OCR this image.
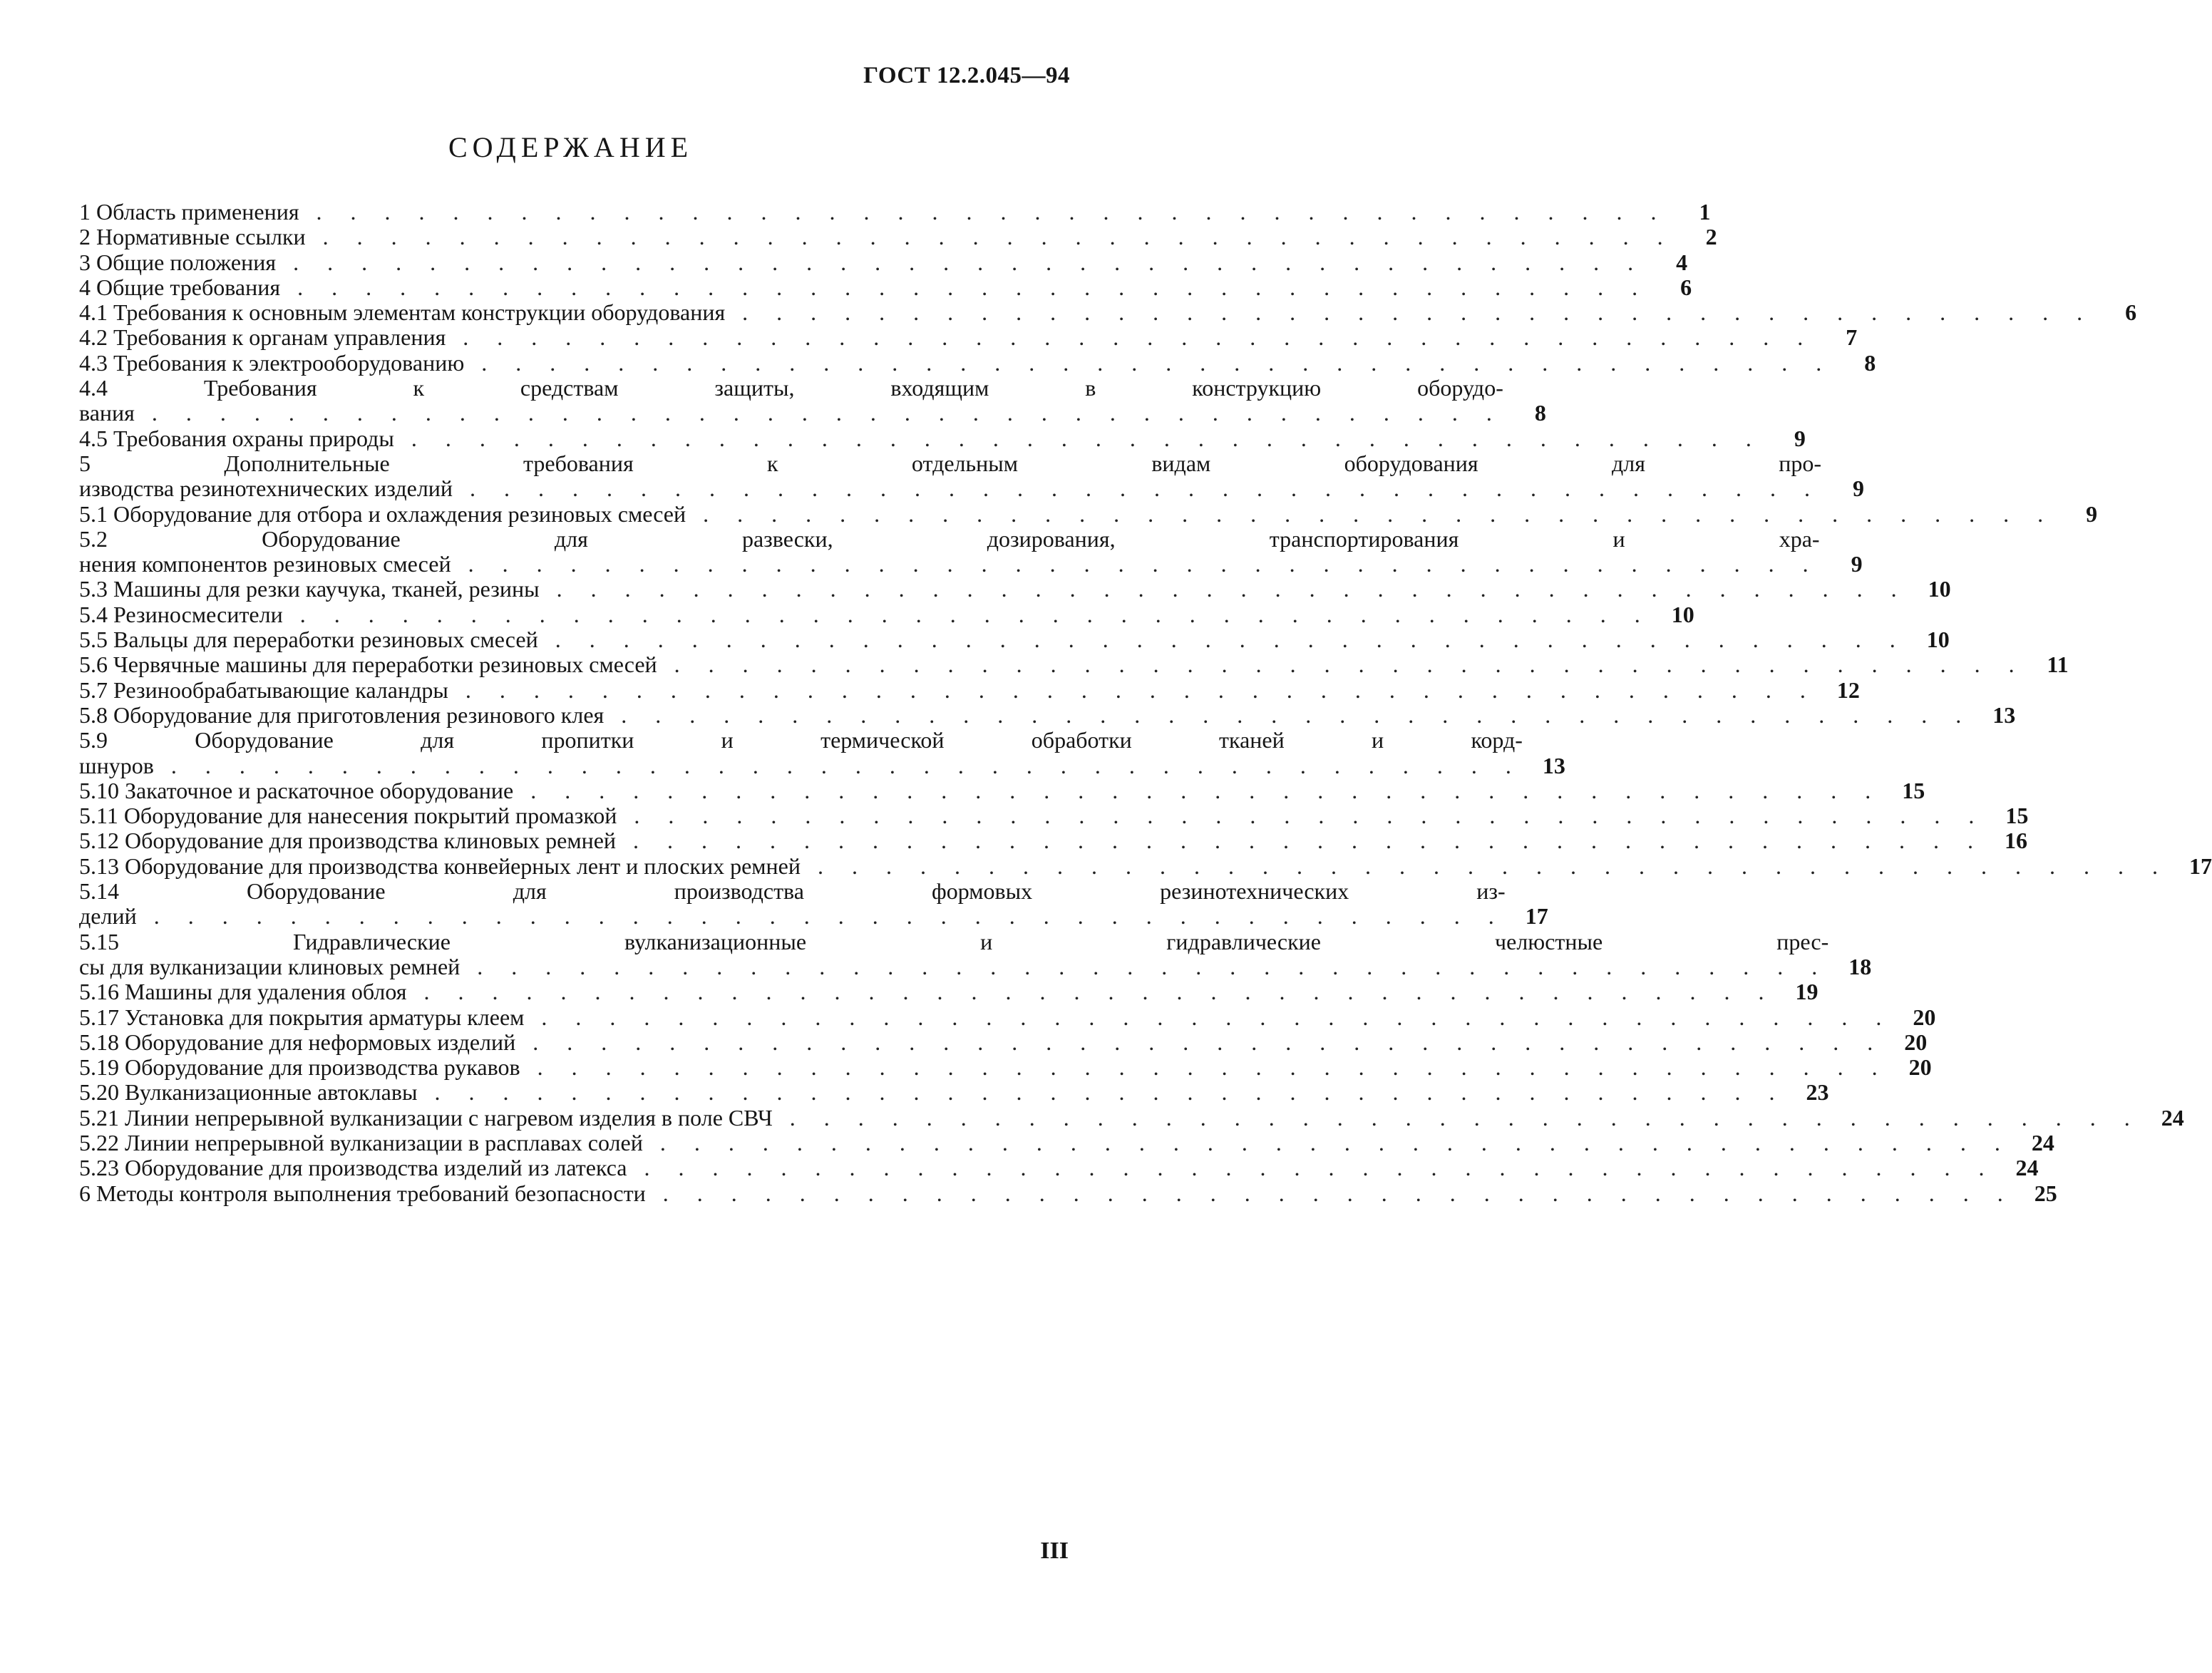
ГОСТ 12.2.045—94
СОДЕРЖАНИЕ
1 Область применения . . . . . . . . . . . . . . . . . . . . . . . . . . . . . . . . . . . . . . . .	1
2 Нормативные ссылки . . . . . . . . . . . . . . . . . . . . . . . . . . . . . . . . . . . . . . . .	2
3 Общие положения . . . . . . . . . . . . . . . . . . . . . . . . . . . . . . . . . . . . . . . .	4
4 Общие требования . . . . . . . . . . . . . . . . . . . . . . . . . . . . . . . . . . . . . . . .	6
4.1 Требования к основным элементам конструкции оборудования . . . . . . . . . . . . . . . . . . . . . . . . . . . . . . . . . . . . . . . .	6
4.2 Требования к органам управления . . . . . . . . . . . . . . . . . . . . . . . . . . . . . . . . . . . . . . . .	7
4.3 Требования к электрооборудованию . . . . . . . . . . . . . . . . . . . . . . . . . . . . . . . . . . . . . . . .	8
4.4 Требования к средствам защиты, входящим в конструкцию оборудо-
вания . . . . . . . . . . . . . . . . . . . . . . . . . . . . . . . . . . . . . . . .	8
4.5 Требования охраны природы . . . . . . . . . . . . . . . . . . . . . . . . . . . . . . . . . . . . . . . .	9
5 Дополнительные требования к отдельным видам оборудования для про-
изводства резинотехнических изделий . . . . . . . . . . . . . . . . . . . . . . . . . . . . . . . . . . . . . . . .	9
5.1 Оборудование для отбора и охлаждения резиновых смесей . . . . . . . . . . . . . . . . . . . . . . . . . . . . . . . . . . . . . . . .	9
5.2 Оборудование для развески, дозирования, транспортирования и хра-
нения компонентов резиновых смесей . . . . . . . . . . . . . . . . . . . . . . . . . . . . . . . . . . . . . . . .	9
5.3 Машины для резки каучука, тканей, резины . . . . . . . . . . . . . . . . . . . . . . . . . . . . . . . . . . . . . . . . 10
5.4 Резиносмесители . . . . . . . . . . . . . . . . . . . . . . . . . . . . . . . . . . . . . . . . 10
5.5 Вальцы для переработки резиновых смесей . . . . . . . . . . . . . . . . . . . . . . . . . . . . . . . . . . . . . . . . 10
5.6 Червячные машины для переработки резиновых смесей . . . . . . . . . . . . . . . . . . . . . . . . . . . . . . . . . . . . . . . . 11
5.7 Резинообрабатывающие каландры . . . . . . . . . . . . . . . . . . . . . . . . . . . . . . . . . . . . . . . . 12
5.8 Оборудование для приготовления резинового клея . . . . . . . . . . . . . . . . . . . . . . . . . . . . . . . . . . . . . . . . 13
5.9 Оборудование для пропитки и термической обработки тканей и корд-
шнуров . . . . . . . . . . . . . . . . . . . . . . . . . . . . . . . . . . . . . . . . 13
5.10 Закаточное и раскаточное оборудование . . . . . . . . . . . . . . . . . . . . . . . . . . . . . . . . . . . . . . . . 15
5.11 Оборудование для нанесения покрытий промазкой . . . . . . . . . . . . . . . . . . . . . . . . . . . . . . . . . . . . . . . . 15
5.12 Оборудование для производства клиновых ремней . . . . . . . . . . . . . . . . . . . . . . . . . . . . . . . . . . . . . . . . 16
5.13 Оборудование для производства конвейерных лент и плоских ремней . . . . . . . . . . . . . . . . . . . . . . . . . . . . . . . . . . . . . . . . 17
5.14 Оборудование для производства формовых резинотехнических из-
делий . . . . . . . . . . . . . . . . . . . . . . . . . . . . . . . . . . . . . . . . 17
5.15 Гидравлические вулканизационные и гидравлические челюстные прес-
сы для вулканизации клиновых ремней . . . . . . . . . . . . . . . . . . . . . . . . . . . . . . . . . . . . . . . . 18
5.16 Машины для удаления облоя . . . . . . . . . . . . . . . . . . . . . . . . . . . . . . . . . . . . . . . . 19
5.17 Установка для покрытия арматуры клеем . . . . . . . . . . . . . . . . . . . . . . . . . . . . . . . . . . . . . . . . 20
5.18 Оборудование для неформовых изделий . . . . . . . . . . . . . . . . . . . . . . . . . . . . . . . . . . . . . . . . 20
5.19 Оборудование для производства рукавов . . . . . . . . . . . . . . . . . . . . . . . . . . . . . . . . . . . . . . . . 20
5.20 Вулканизационные автоклавы . . . . . . . . . . . . . . . . . . . . . . . . . . . . . . . . . . . . . . . . 23
5.21 Линии непрерывной вулканизации с нагревом изделия в поле СВЧ . . . . . . . . . . . . . . . . . . . . . . . . . . . . . . . . . . . . . . . . 24
5.22 Линии непрерывной вулканизации в расплавах солей . . . . . . . . . . . . . . . . . . . . . . . . . . . . . . . . . . . . . . . . 24
5.23 Оборудование для производства изделий из латекса . . . . . . . . . . . . . . . . . . . . . . . . . . . . . . . . . . . . . . . . 24
6 Методы контроля выполнения требований безопасности . . . . . . . . . . . . . . . . . . . . . . . . . . . . . . . . . . . . . . . . 25
III
